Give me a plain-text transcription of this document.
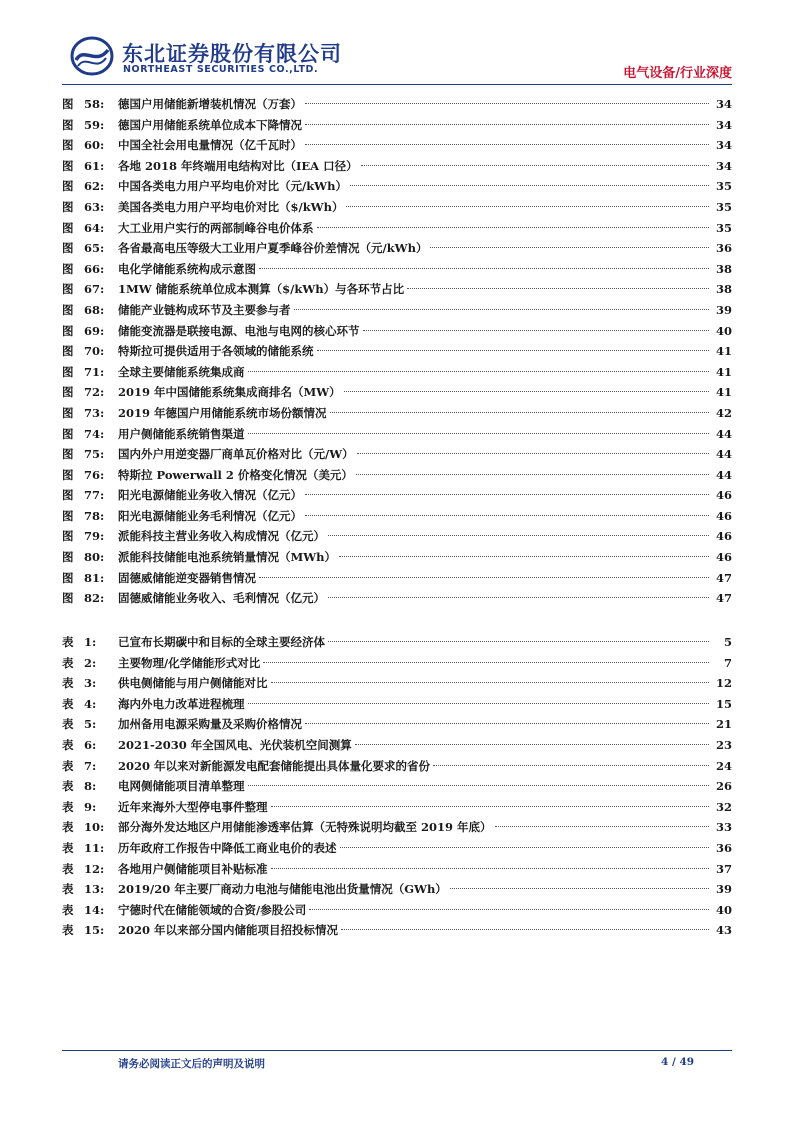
东北证券股份有限公司
NORTHEAST SECURITIES CO.,LTD.	电气设备/行业深度
图 58:	德国户用储能新增装机情况（万套）	34
图 59:	德国户用储能系统单位成本下降情况	34
图 60:	中国全社会用电量情况（亿千瓦时）	34
图 61:	各地 2018 年终端用电结构对比（IEA 口径）	34
图 62:	中国各类电力用户平均电价对比（元/kWh）	35
图 63:	美国各类电力用户平均电价对比（$/kWh）	35
图 64:	大工业用户实行的两部制峰谷电价体系	35
图 65:	各省最高电压等级大工业用户夏季峰谷价差情况（元/kWh）	36
图 66:	电化学储能系统构成示意图	38
图 67:	1MW 储能系统单位成本测算（$/kWh）与各环节占比	38
图 68:	储能产业链构成环节及主要参与者	39
图 69:	储能变流器是联接电源、电池与电网的核心环节	40
图 70:	特斯拉可提供适用于各领域的储能系统	41
图 71:	全球主要储能系统集成商	41
图 72:	2019 年中国储能系统集成商排名（MW）	41
图 73:	2019 年德国户用储能系统市场份额情况	42
图 74:	用户侧储能系统销售渠道	44
图 75:	国内外户用逆变器厂商单瓦价格对比（元/W）	44
图 76:	特斯拉 Powerwall 2 价格变化情况（美元）	44
图 77:	阳光电源储能业务收入情况（亿元）	46
图 78:	阳光电源储能业务毛利情况（亿元）	46
图 79:	派能科技主营业务收入构成情况（亿元）	46
图 80:	派能科技储能电池系统销量情况（MWh）	46
图 81:	固德威储能逆变器销售情况	47
图 82:	固德威储能业务收入、毛利情况（亿元）	47
表 1:	已宣布长期碳中和目标的全球主要经济体	5
表 2:	主要物理/化学储能形式对比	7
表 3:	供电侧储能与用户侧储能对比	12
表 4:	海内外电力改革进程梳理	15
表 5:	加州备用电源采购量及采购价格情况	21
表 6:	2021-2030 年全国风电、光伏装机空间测算	23
表 7:	2020 年以来对新能源发电配套储能提出具体量化要求的省份	24
表 8:	电网侧储能项目清单整理	26
表 9:	近年来海外大型停电事件整理	32
表 10:	部分海外发达地区户用储能渗透率估算（无特殊说明均截至 2019 年底）	33
表 11:	历年政府工作报告中降低工商业电价的表述	36
表 12:	各地用户侧储能项目补贴标准	37
表 13:	2019/20 年主要厂商动力电池与储能电池出货量情况（GWh）	39
表 14:	宁德时代在储能领域的合资/参股公司	40
表 15:	2020 年以来部分国内储能项目招投标情况	43
请务必阅读正文后的声明及说明	4 / 49
